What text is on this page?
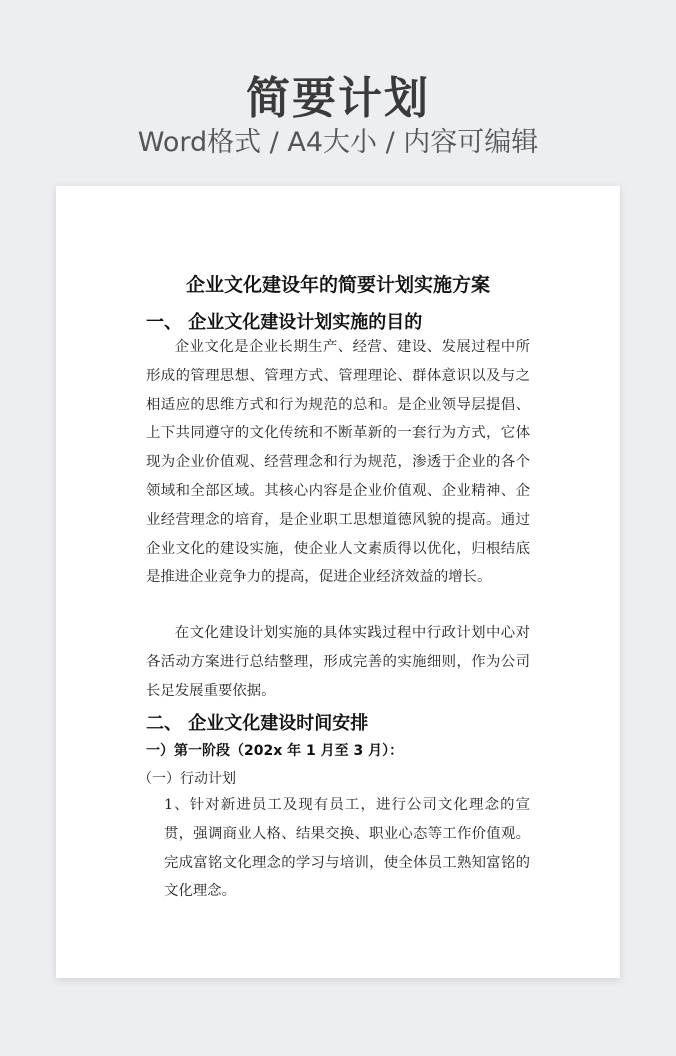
简要计划
Word格式 / A4大小 / 内容可编辑
企业文化建设年的简要计划实施方案
一、 企业文化建设计划实施的目的

企业文化是企业长期生产、经营、建设、发展过程中所形成的管理思想、管理方式、管理理论、群体意识以及与之相适应的思维方式和行为规范的总和。是企业领导层提倡、上下共同遵守的文化传统和不断革新的一套行为方式，它体现为企业价值观、经营理念和行为规范，渗透于企业的各个领域和全部区域。其核心内容是企业价值观、企业精神、企业经营理念的培育，是企业职工思想道德风貌的提高。通过企业文化的建设实施，使企业人文素质得以优化，归根结底是推进企业竞争力的提高，促进企业经济效益的增长。

在文化建设计划实施的具体实践过程中行政计划中心对各活动方案进行总结整理，形成完善的实施细则，作为公司长足发展重要依据。

二、 企业文化建设时间安排
一）第一阶段（202x 年 1 月至 3 月）：
（一）行动计划

1、针对新进员工及现有员工，进行公司文化理念的宣贯，强调商业人格、结果交换、职业心态等工作价值观。完成富铭文化理念的学习与培训，使全体员工熟知富铭的文化理念。
